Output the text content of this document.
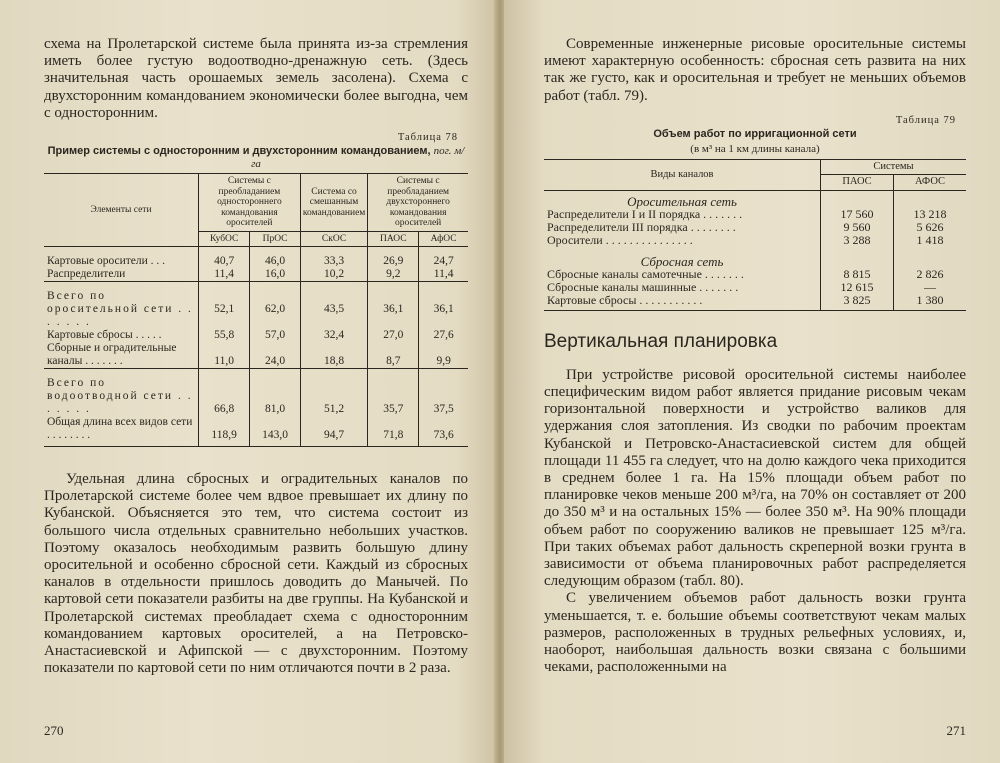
схема на Пролетарской системе была принята из-за стремления иметь более густую водоотводно-дренажную сеть. (Здесь значительная часть орошаемых земель засолена). Схема с двухсторонним командованием экономически более выгодна, чем с односторонним.

Таблица 78
Пример системы с односторонним и двухсторонним командованием, пог. м/га
Элементы сети	Системы с преобладанием одностороннего командования оросителей		Система со смешанным командованием	Системы с преобладанием двухстороннего командования оросителей	
	КубОС	ПрОС	СкОС	ПАОС	АфОС
Картовые оросители . . .	40,7	46,0	33,3	26,9	24,7
Распределители	11,4	16,0	10,2	9,2	11,4
Всего по оросительной сети . . . . . . .	52,1	62,0	43,5	36,1	36,1
Картовые сбросы . . . . .	55,8	57,0	32,4	27,0	27,6
Сборные и оградительные каналы . . . . . . .	11,0	24,0	18,8	8,7	9,9
Всего по водоотводной сети . . . . . . .	66,8	81,0	51,2	35,7	37,5
Общая длина всех видов сети . . . . . . . .	118,9	143,0	94,7	71,8	73,6

Удельная длина сбросных и оградительных каналов по Пролетарской системе более чем вдвое превышает их длину по Кубанской. Объясняется это тем, что система состоит из большого числа отдельных сравнительно небольших участков. Поэтому оказалось необходимым развить большую длину оросительной и особенно сбросной сети. Каждый из сбросных каналов в отдельности пришлось доводить до Манычей. По картовой сети показатели разбиты на две группы. На Кубанской и Пролетарской системах преобладает схема с односторонним командованием картовых оросителей, а на Петровско-Анастасиевской и Афипской — с двухсторонним. Поэтому показатели по картовой сети по ним отличаются почти в 2 раза.

270

Современные инженерные рисовые оросительные системы имеют характерную особенность: сбросная сеть развита на них так же густо, как и оросительная и требует не меньших объемов работ (табл. 79).

Таблица 79
Объем работ по ирригационной сети
(в м³ на 1 км длины канала)
Виды каналов	Системы	
	ПАОС	АФОС
Оросительная сеть		
Распределители I и II порядка . . . . . . .	17 560	13 218
Распределители III порядка . . . . . . . .	9 560	5 626
Оросители . . . . . . . . . . . . . . .	3 288	1 418
Сбросная сеть		
Сбросные каналы самотечные . . . . . . .	8 815	2 826
Сбросные каналы машинные . . . . . . .	12 615	—
Картовые сбросы . . . . . . . . . . .	3 825	1 380
Вертикальная планировка

При устройстве рисовой оросительной системы наиболее специфическим видом работ является придание рисовым чекам горизонтальной поверхности и устройство валиков для удержания слоя затопления. Из сводки по рабочим проектам Кубанской и Петровско-Анастасиевской систем для общей площади 11 455 га следует, что на долю каждого чека приходится в среднем более 1 га. На 15% площади объем работ по планировке чеков меньше 200 м³/га, на 70% он составляет от 200 до 350 м³ и на остальных 15% — более 350 м³. На 90% площади объем работ по сооружению валиков не превышает 125 м³/га. При таких объемах работ дальность скреперной возки грунта в зависимости от объема планировочных работ распределяется следующим образом (табл. 80).

С увеличением объемов работ дальность возки грунта уменьшается, т. е. большие объемы соответствуют чекам малых размеров, расположенных в трудных рельефных условиях, и, наоборот, наибольшая дальность возки связана с большими чеками, расположенными на

271
